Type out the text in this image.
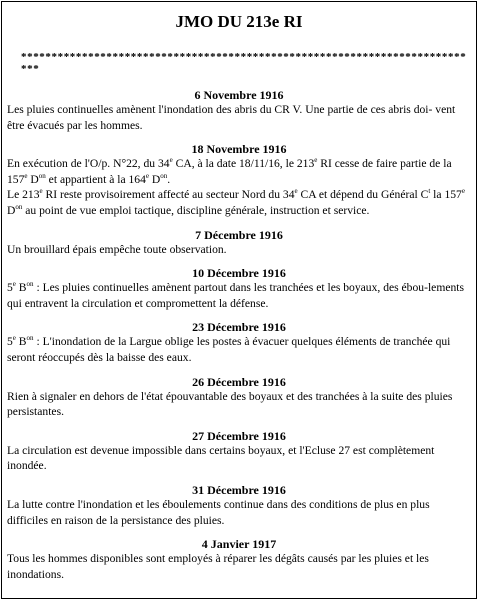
JMO DU 213e RI
****************************************************************************
6 Novembre 1916
Les pluies continuelles amènent l'inondation des abris du CR V. Une partie de ces abris doi- vent être évacués par les hommes.
18 Novembre 1916
En exécution de l'O/p. N°22, du 34e CA, à la date 18/11/16, le 213e RI cesse de faire partie de la 157e $D^{on}$ et appartient à la 164e $D^{on}$.
Le 213e RI reste provisoirement affecté au secteur Nord du 34e CA et dépend du Général $C^t$ la 157e $D^{on}$ au point de vue emploi tactique, discipline générale, instruction et service.
7 Décembre 1916
Un brouillard épais empêche toute observation.
10 Décembre 1916
5e $B^{on}$ : Les pluies continuelles amènent partout dans les tranchées et les boyaux, des ébou-lements qui entravent la circulation et compromettent la défense.
23 Décembre 1916
5e $B^{on}$ : L'inondation de la Largue oblige les postes à évacuer quelques éléments de tranchée qui seront réoccupés dès la baisse des eaux.
26 Décembre 1916
Rien à signaler en dehors de l'état épouvantable des boyaux et des tranchées à la suite des pluies persistantes.
27 Décembre 1916
La circulation est devenue impossible dans certains boyaux, et l'Ecluse 27 est complètement inondée.
31 Décembre 1916
La lutte contre l'inondation et les éboulements continue dans des conditions de plus en plus difficiles en raison de la persistance des pluies.
4 Janvier 1917
Tous les hommes disponibles sont employés à réparer les dégâts causés par les pluies et les inondations.
